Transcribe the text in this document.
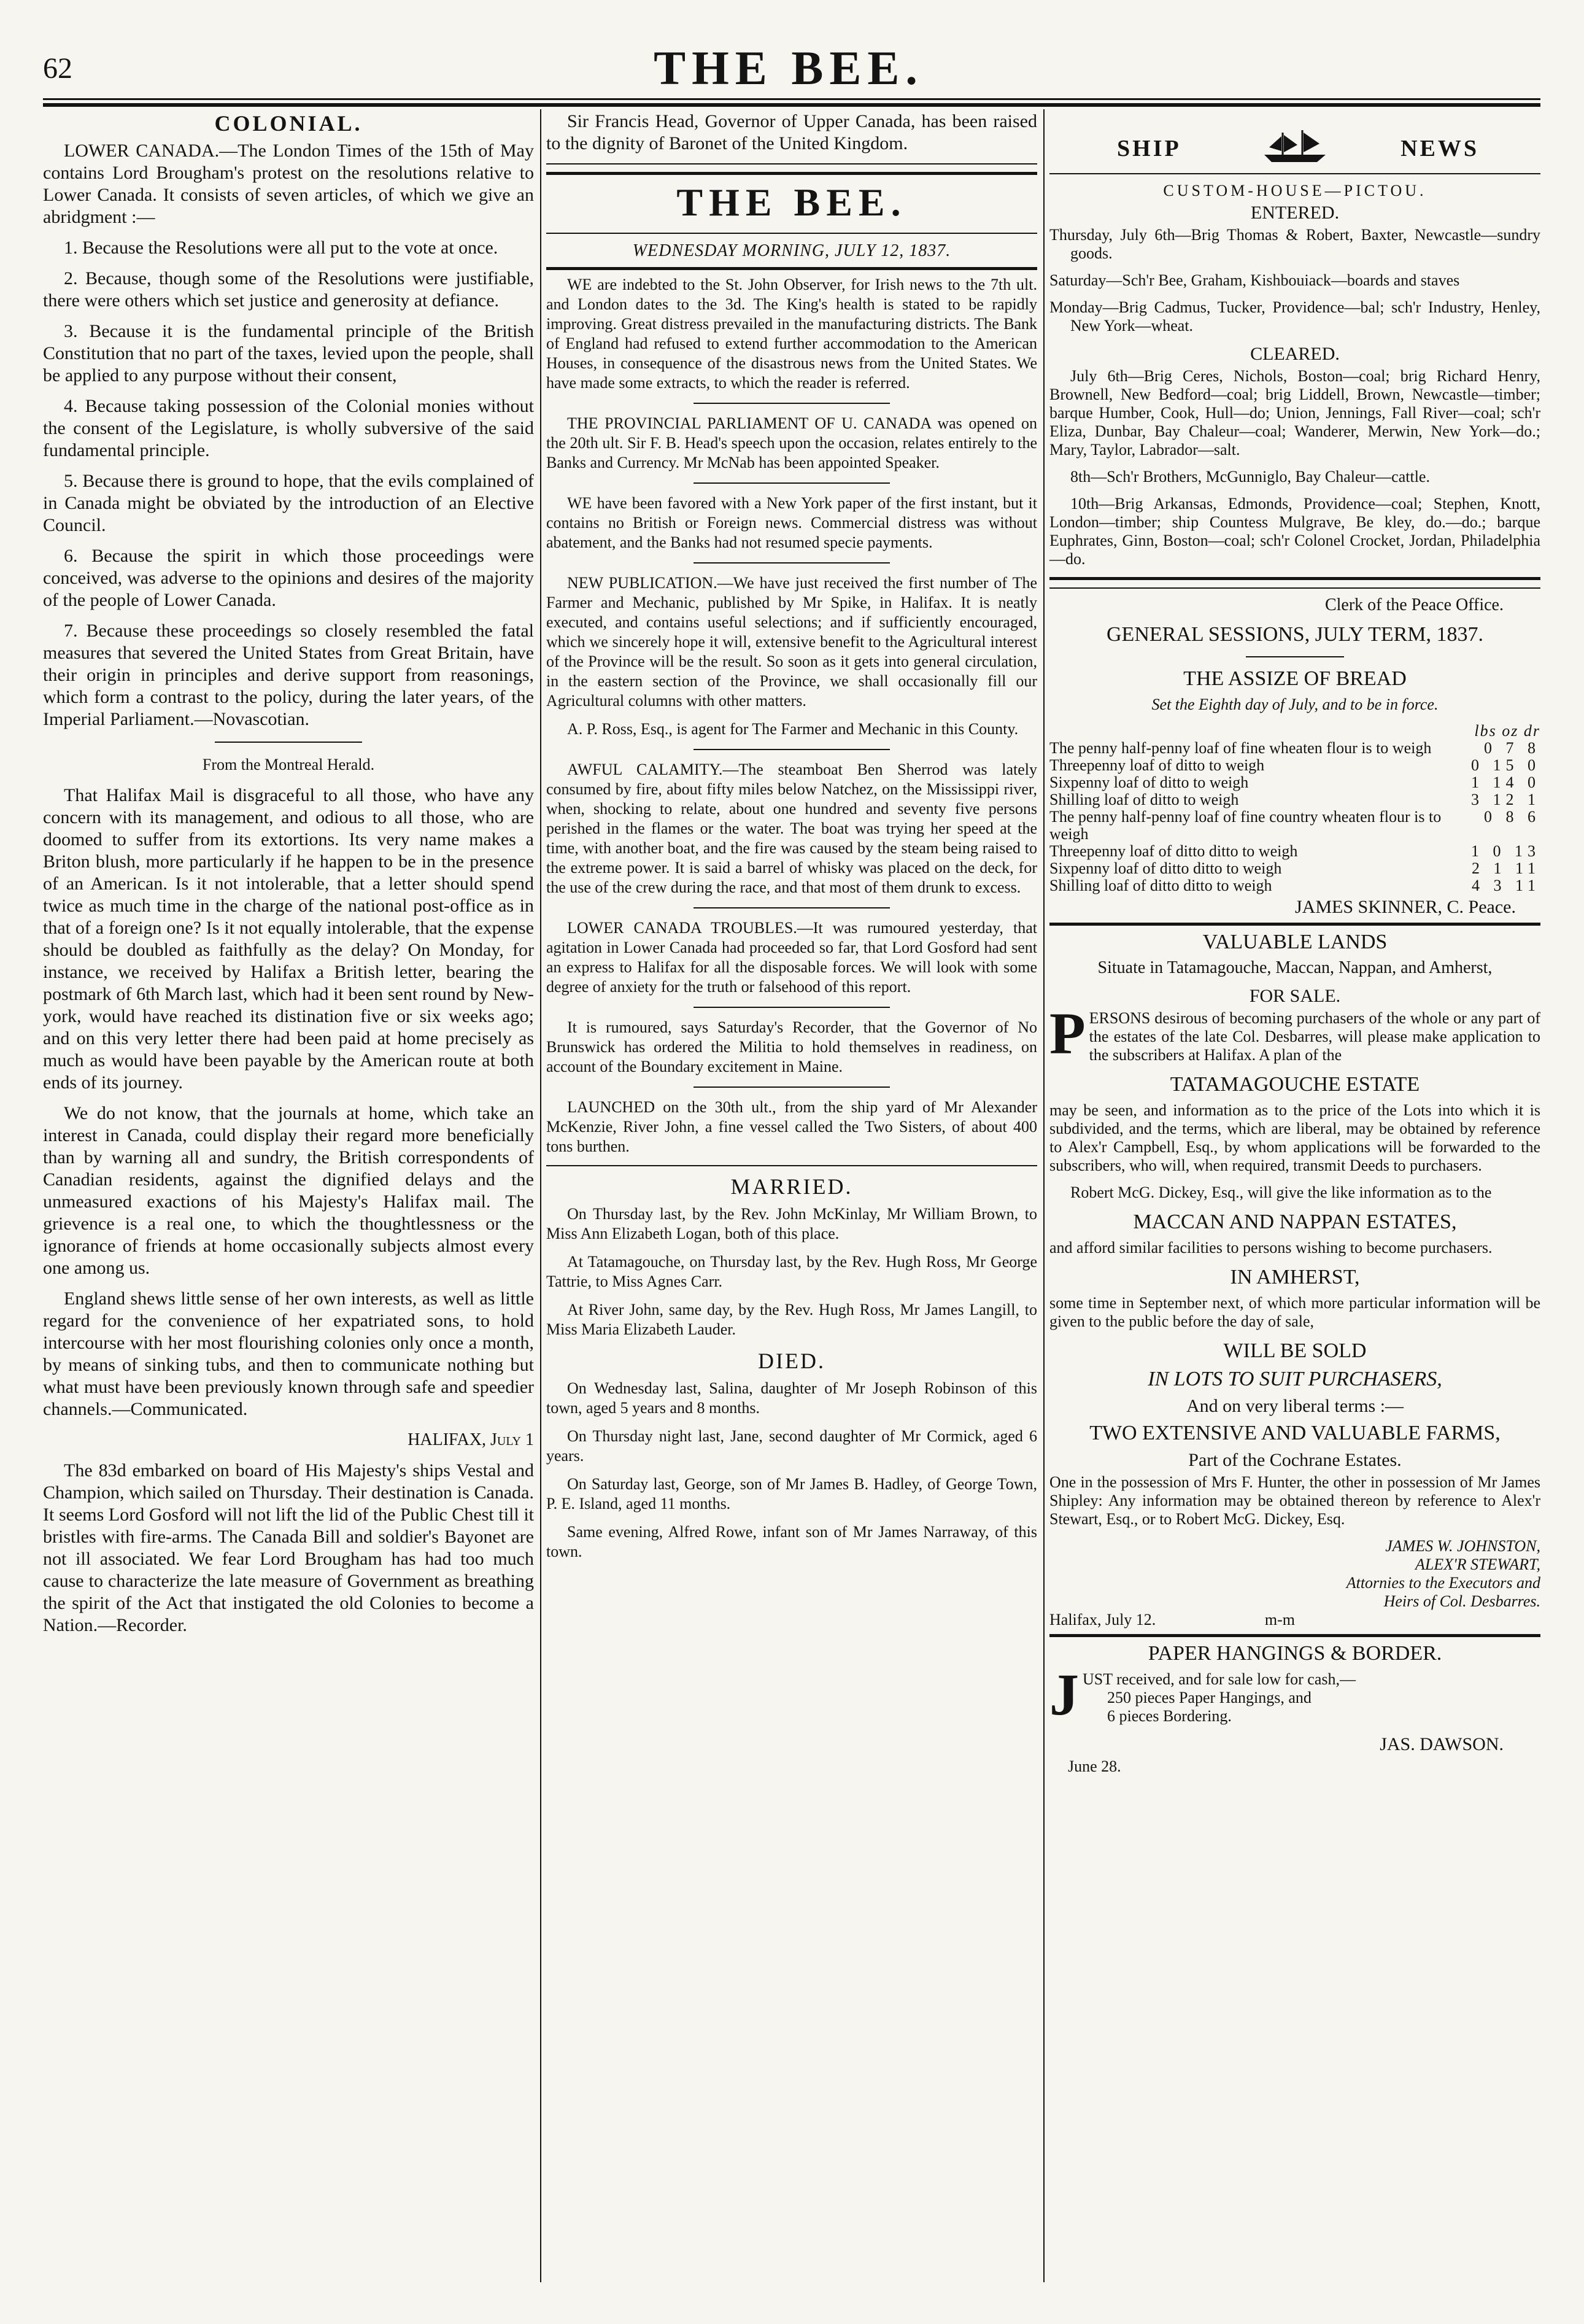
62	THE BEE.
COLONIAL.

LOWER CANADA.—The London Times of the 15th of May contains Lord Brougham's protest on the resolutions relative to Lower Canada. It consists of seven articles, of which we give an abridgment :—

1. Because the Resolutions were all put to the vote at once.

2. Because, though some of the Resolutions were justifiable, there were others which set justice and generosity at defiance.

3. Because it is the fundamental principle of the British Constitution that no part of the taxes, levied upon the people, shall be applied to any purpose without their consent,

4. Because taking possession of the Colonial monies without the consent of the Legislature, is wholly subversive of the said fundamental principle.

5. Because there is ground to hope, that the evils complained of in Canada might be obviated by the introduction of an Elective Council.

6. Because the spirit in which those proceedings were conceived, was adverse to the opinions and desires of the majority of the people of Lower Canada.

7. Because these proceedings so closely resembled the fatal measures that severed the United States from Great Britain, have their origin in principles and derive support from reasonings, which form a contrast to the policy, during the later years, of the Imperial Parliament.—Novascotian.

From the Montreal Herald.

That Halifax Mail is disgraceful to all those, who have any concern with its management, and odious to all those, who are doomed to suffer from its extortions. Its very name makes a Briton blush, more particularly if he happen to be in the presence of an American. Is it not intolerable, that a letter should spend twice as much time in the charge of the national post-office as in that of a foreign one? Is it not equally intolerable, that the expense should be doubled as faithfully as the delay? On Monday, for instance, we received by Halifax a British letter, bearing the postmark of 6th March last, which had it been sent round by New-york, would have reached its distination five or six weeks ago; and on this very letter there had been paid at home precisely as much as would have been payable by the American route at both ends of its journey.

We do not know, that the journals at home, which take an interest in Canada, could display their regard more beneficially than by warning all and sundry, the British correspondents of Canadian residents, against the dignified delays and the unmeasured exactions of his Majesty's Halifax mail. The grievence is a real one, to which the thoughtlessness or the ignorance of friends at home occasionally subjects almost every one among us.

England shews little sense of her own interests, as well as little regard for the convenience of her expatriated sons, to hold intercourse with her most flourishing colonies only once a month, by means of sinking tubs, and then to communicate nothing but what must have been previously known through safe and speedier channels.—Communicated.

HALIFAX, July 1

The 83d embarked on board of His Majesty's ships Vestal and Champion, which sailed on Thursday. Their destination is Canada. It seems Lord Gosford will not lift the lid of the Public Chest till it bristles with fire-arms. The Canada Bill and soldier's Bayonet are not ill associated. We fear Lord Brougham has had too much cause to characterize the late measure of Government as breathing the spirit of the Act that instigated the old Colonies to become a Nation.—Recorder.

Sir Francis Head, Governor of Upper Canada, has been raised to the dignity of Baronet of the United Kingdom.

THE BEE.
WEDNESDAY MORNING, JULY 12, 1837.

WE are indebted to the St. John Observer, for Irish news to the 7th ult. and London dates to the 3d. The King's health is stated to be rapidly improving. Great distress prevailed in the manufacturing districts. The Bank of England had refused to extend further accommodation to the American Houses, in consequence of the disastrous news from the United States. We have made some extracts, to which the reader is referred.

THE PROVINCIAL PARLIAMENT OF U. CANADA was opened on the 20th ult. Sir F. B. Head's speech upon the occasion, relates entirely to the Banks and Currency. Mr McNab has been appointed Speaker.

WE have been favored with a New York paper of the first instant, but it contains no British or Foreign news. Commercial distress was without abatement, and the Banks had not resumed specie payments.

NEW PUBLICATION.—We have just received the first number of The Farmer and Mechanic, published by Mr Spike, in Halifax. It is neatly executed, and contains useful selections; and if sufficiently encouraged, which we sincerely hope it will, extensive benefit to the Agricultural interest of the Province will be the result. So soon as it gets into general circulation, in the eastern section of the Province, we shall occasionally fill our Agricultural columns with other matters.

A. P. Ross, Esq., is agent for The Farmer and Mechanic in this County.

AWFUL CALAMITY.—The steamboat Ben Sherrod was lately consumed by fire, about fifty miles below Natchez, on the Mississippi river, when, shocking to relate, about one hundred and seventy five persons perished in the flames or the water. The boat was trying her speed at the time, with another boat, and the fire was caused by the steam being raised to the extreme power. It is said a barrel of whisky was placed on the deck, for the use of the crew during the race, and that most of them drunk to excess.

LOWER CANADA TROUBLES.—It was rumoured yesterday, that agitation in Lower Canada had proceeded so far, that Lord Gosford had sent an express to Halifax for all the disposable forces. We will look with some degree of anxiety for the truth or falsehood of this report.

It is rumoured, says Saturday's Recorder, that the Governor of No Brunswick has ordered the Militia to hold themselves in readiness, on account of the Boundary excitement in Maine.

LAUNCHED on the 30th ult., from the ship yard of Mr Alexander McKenzie, River John, a fine vessel called the Two Sisters, of about 400 tons burthen.

MARRIED.

On Thursday last, by the Rev. John McKinlay, Mr William Brown, to Miss Ann Elizabeth Logan, both of this place.

At Tatamagouche, on Thursday last, by the Rev. Hugh Ross, Mr George Tattrie, to Miss Agnes Carr.

At River John, same day, by the Rev. Hugh Ross, Mr James Langill, to Miss Maria Elizabeth Lauder.

DIED.

On Wednesday last, Salina, daughter of Mr Joseph Robinson of this town, aged 5 years and 8 months.

On Thursday night last, Jane, second daughter of Mr Cormick, aged 6 years.

On Saturday last, George, son of Mr James B. Hadley, of George Town, P. E. Island, aged 11 months.

Same evening, Alfred Rowe, infant son of Mr James Narraway, of this town.

SHIP	NEWS
CUSTOM-HOUSE—PICTOU.
ENTERED.

Thursday, July 6th—Brig Thomas & Robert, Baxter, Newcastle—sundry goods.

Saturday—Sch'r Bee, Graham, Kishbouiack—boards and staves

Monday—Brig Cadmus, Tucker, Providence—bal; sch'r Industry, Henley, New York—wheat.

CLEARED.

July 6th—Brig Ceres, Nichols, Boston—coal; brig Richard Henry, Brownell, New Bedford—coal; brig Liddell, Brown, Newcastle—timber; barque Humber, Cook, Hull—do; Union, Jennings, Fall River—coal; sch'r Eliza, Dunbar, Bay Chaleur—coal; Wanderer, Merwin, New York—do.; Mary, Taylor, Labrador—salt.

8th—Sch'r Brothers, McGunniglo, Bay Chaleur—cattle.

10th—Brig Arkansas, Edmonds, Providence—coal; Stephen, Knott, London—timber; ship Countess Mulgrave, Be kley, do.—do.; barque Euphrates, Ginn, Boston—coal; sch'r Colonel Crocket, Jordan, Philadelphia—do.

Clerk of the Peace Office.

GENERAL SESSIONS, JULY TERM, 1837.
THE ASSIZE OF BREAD

Set the Eighth day of July, and to be in force.

lbs oz dr
The penny half-penny loaf of fine wheaten flour is to weigh	0 7 8
Threepenny loaf of ditto to weigh	0 15 0
Sixpenny loaf of ditto to weigh	1 14 0
Shilling loaf of ditto to weigh	3 12 1
The penny half-penny loaf of fine country wheaten flour is to weigh
0 8 6
Threepenny loaf of ditto ditto to weigh	1 0 13
Sixpenny loaf of ditto ditto to weigh	2 1 11
Shilling loaf of ditto ditto to weigh	4 3 11
JAMES SKINNER, C. Peace.
VALUABLE LANDS

Situate in Tatamagouche, Maccan, Nappan, and Amherst,

FOR SALE.

PERSONS desirous of becoming purchasers of the whole or any part of the estates of the late Col. Desbarres, will please make application to the subscribers at Halifax. A plan of the

TATAMAGOUCHE ESTATE

may be seen, and information as to the price of the Lots into which it is subdivided, and the terms, which are liberal, may be obtained by reference to Alex'r Campbell, Esq., by whom applications will be forwarded to the subscribers, who will, when required, transmit Deeds to purchasers.

Robert McG. Dickey, Esq., will give the like information as to the

MACCAN AND NAPPAN ESTATES,

and afford similar facilities to persons wishing to become purchasers.

IN AMHERST,

some time in September next, of which more particular information will be given to the public before the day of sale,

WILL BE SOLD
IN LOTS TO SUIT PURCHASERS,
And on very liberal terms :—
TWO EXTENSIVE AND VALUABLE FARMS,
Part of the Cochrane Estates.

One in the possession of Mrs F. Hunter, the other in possession of Mr James Shipley: Any information may be obtained thereon by reference to Alex'r Stewart, Esq., or to Robert McG. Dickey, Esq.

JAMES W. JOHNSTON,
ALEX'R STEWART,
Attornies to the Executors and
Heirs of Col. Desbarres.
Halifax, July 12.	m-m
PAPER HANGINGS & BORDER.

JUST received, and for sale low for cash,—
250 pieces Paper Hangings, and
6 pieces Bordering.

JAS. DAWSON.

June 28.
